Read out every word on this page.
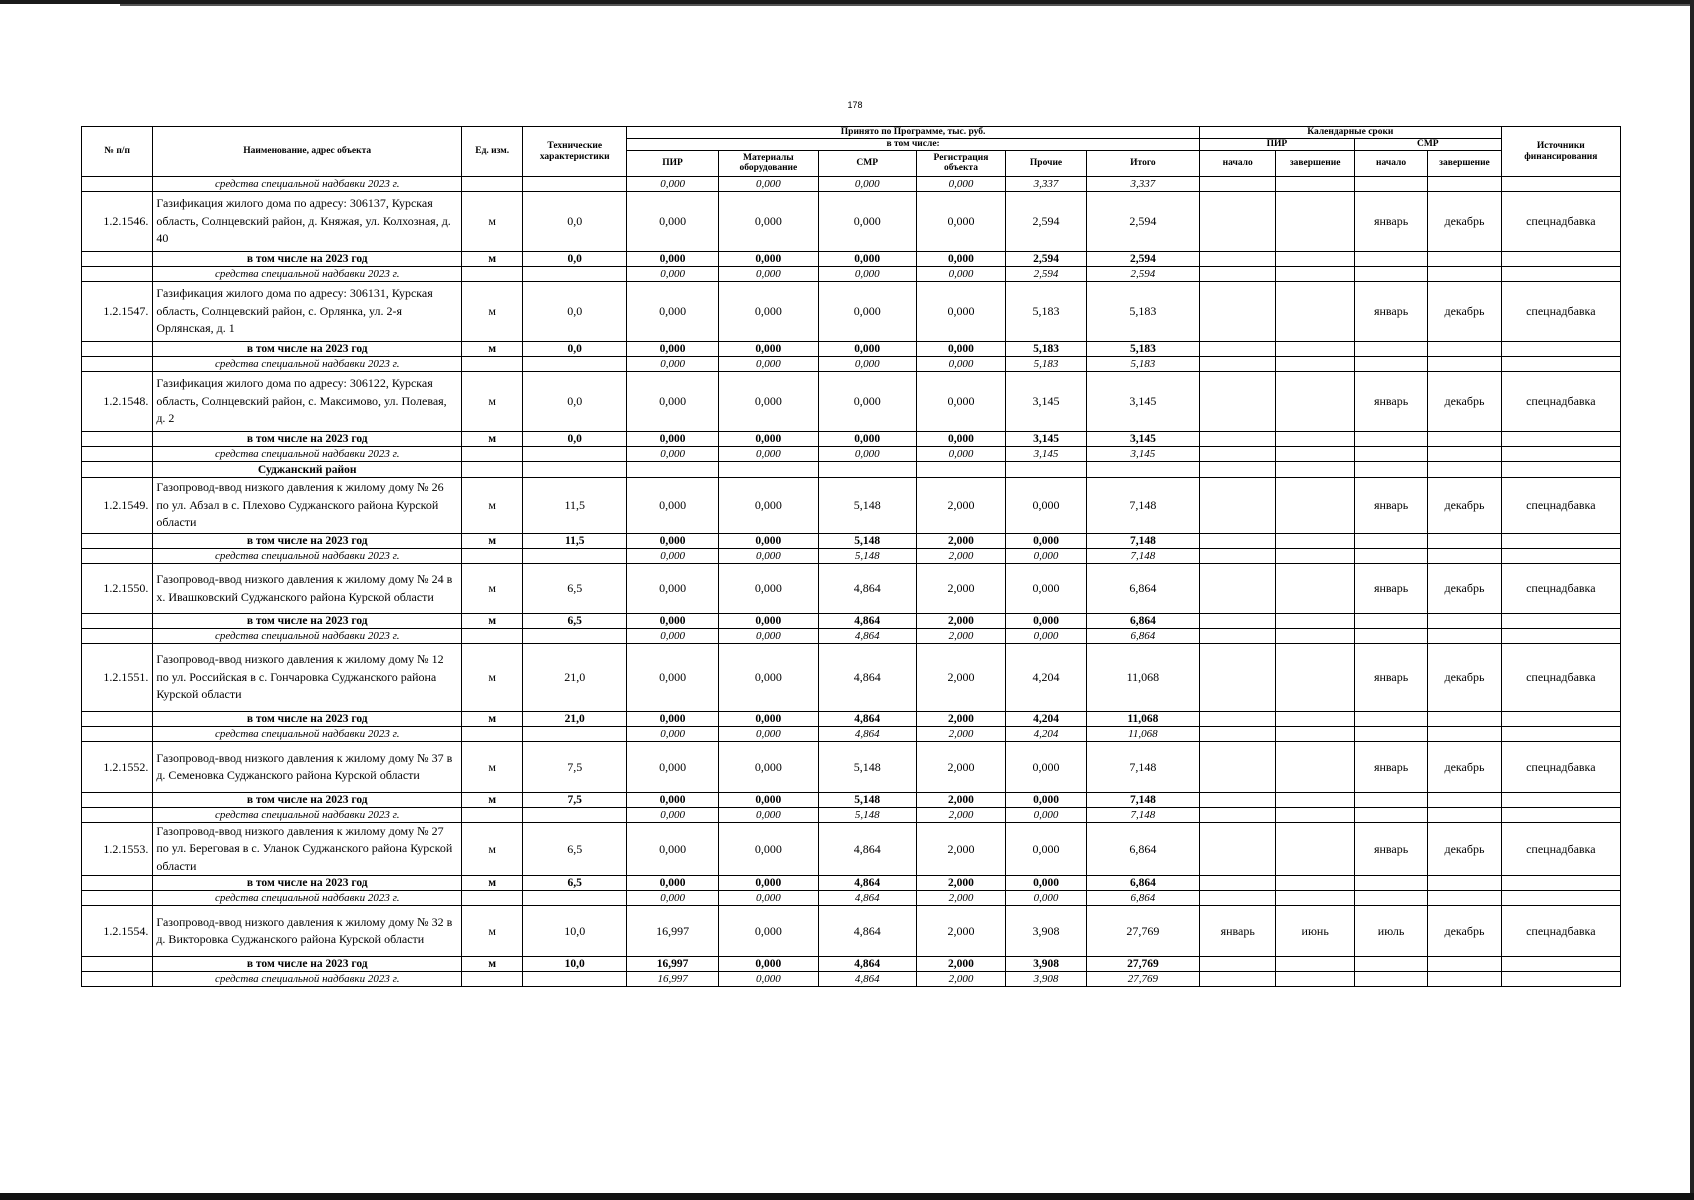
178
№ п/п	Наименование, адрес объекта	Ед. изм.	Технические характеристики	Принято по Программе, тыс. руб.						Календарные сроки				Источники финансирования
				в том числе:						ПИР		СМР		
				ПИР	Материалы оборудование	СМР	Регистрация объекта	Прочие	Итого	начало	завершение	начало	завершение	
	средства специальной надбавки 2023 г.			0,000	0,000	0,000	0,000	3,337	3,337					
1.2.1546.	Газификация жилого дома по адресу: 306137, Курская область, Солнцевский район, д. Княжая, ул. Колхозная, д. 40	м	0,0	0,000	0,000	0,000	0,000	2,594	2,594			январь	декабрь	спецнадбавка
	в том числе на 2023 год	м	0,0	0,000	0,000	0,000	0,000	2,594	2,594					
	средства специальной надбавки 2023 г.			0,000	0,000	0,000	0,000	2,594	2,594					
1.2.1547.	Газификация жилого дома по адресу: 306131, Курская область, Солнцевский район, с. Орлянка, ул. 2-я Орлянская, д. 1	м	0,0	0,000	0,000	0,000	0,000	5,183	5,183			январь	декабрь	спецнадбавка
	в том числе на 2023 год	м	0,0	0,000	0,000	0,000	0,000	5,183	5,183					
	средства специальной надбавки 2023 г.			0,000	0,000	0,000	0,000	5,183	5,183					
1.2.1548.	Газификация жилого дома по адресу: 306122, Курская область, Солнцевский район, с. Максимово, ул. Полевая, д. 2	м	0,0	0,000	0,000	0,000	0,000	3,145	3,145			январь	декабрь	спецнадбавка
	в том числе на 2023 год	м	0,0	0,000	0,000	0,000	0,000	3,145	3,145					
	средства специальной надбавки 2023 г.			0,000	0,000	0,000	0,000	3,145	3,145					
	Суджанский район													
1.2.1549.	Газопровод-ввод низкого давления к жилому дому № 26 по ул. Абзал в с. Плехово Суджанского района Курской области	м	11,5	0,000	0,000	5,148	2,000	0,000	7,148			январь	декабрь	спецнадбавка
	в том числе на 2023 год	м	11,5	0,000	0,000	5,148	2,000	0,000	7,148					
	средства специальной надбавки 2023 г.			0,000	0,000	5,148	2,000	0,000	7,148					
1.2.1550.	Газопровод-ввод низкого давления к жилому дому № 24 в х. Ивашковский Суджанского района Курской области	м	6,5	0,000	0,000	4,864	2,000	0,000	6,864			январь	декабрь	спецнадбавка
	в том числе на 2023 год	м	6,5	0,000	0,000	4,864	2,000	0,000	6,864					
	средства специальной надбавки 2023 г.			0,000	0,000	4,864	2,000	0,000	6,864					
1.2.1551.	Газопровод-ввод низкого давления к жилому дому № 12 по ул. Российская в с. Гончаровка Суджанского района Курской области	м	21,0	0,000	0,000	4,864	2,000	4,204	11,068			январь	декабрь	спецнадбавка
	в том числе на 2023 год	м	21,0	0,000	0,000	4,864	2,000	4,204	11,068					
	средства специальной надбавки 2023 г.			0,000	0,000	4,864	2,000	4,204	11,068					
1.2.1552.	Газопровод-ввод низкого давления к жилому дому № 37 в д. Семеновка Суджанского района Курской области	м	7,5	0,000	0,000	5,148	2,000	0,000	7,148			январь	декабрь	спецнадбавка
	в том числе на 2023 год	м	7,5	0,000	0,000	5,148	2,000	0,000	7,148					
	средства специальной надбавки 2023 г.			0,000	0,000	5,148	2,000	0,000	7,148					
1.2.1553.	Газопровод-ввод низкого давления к жилому дому № 27 по ул. Береговая в с. Уланок Суджанского района Курской области	м	6,5	0,000	0,000	4,864	2,000	0,000	6,864			январь	декабрь	спецнадбавка
	в том числе на 2023 год	м	6,5	0,000	0,000	4,864	2,000	0,000	6,864					
	средства специальной надбавки 2023 г.			0,000	0,000	4,864	2,000	0,000	6,864					
1.2.1554.	Газопровод-ввод низкого давления к жилому дому № 32 в д. Викторовка Суджанского района Курской области	м	10,0	16,997	0,000	4,864	2,000	3,908	27,769	январь	июнь	июль	декабрь	спецнадбавка
	в том числе на 2023 год	м	10,0	16,997	0,000	4,864	2,000	3,908	27,769					
	средства специальной надбавки 2023 г.			16,997	0,000	4,864	2,000	3,908	27,769					
